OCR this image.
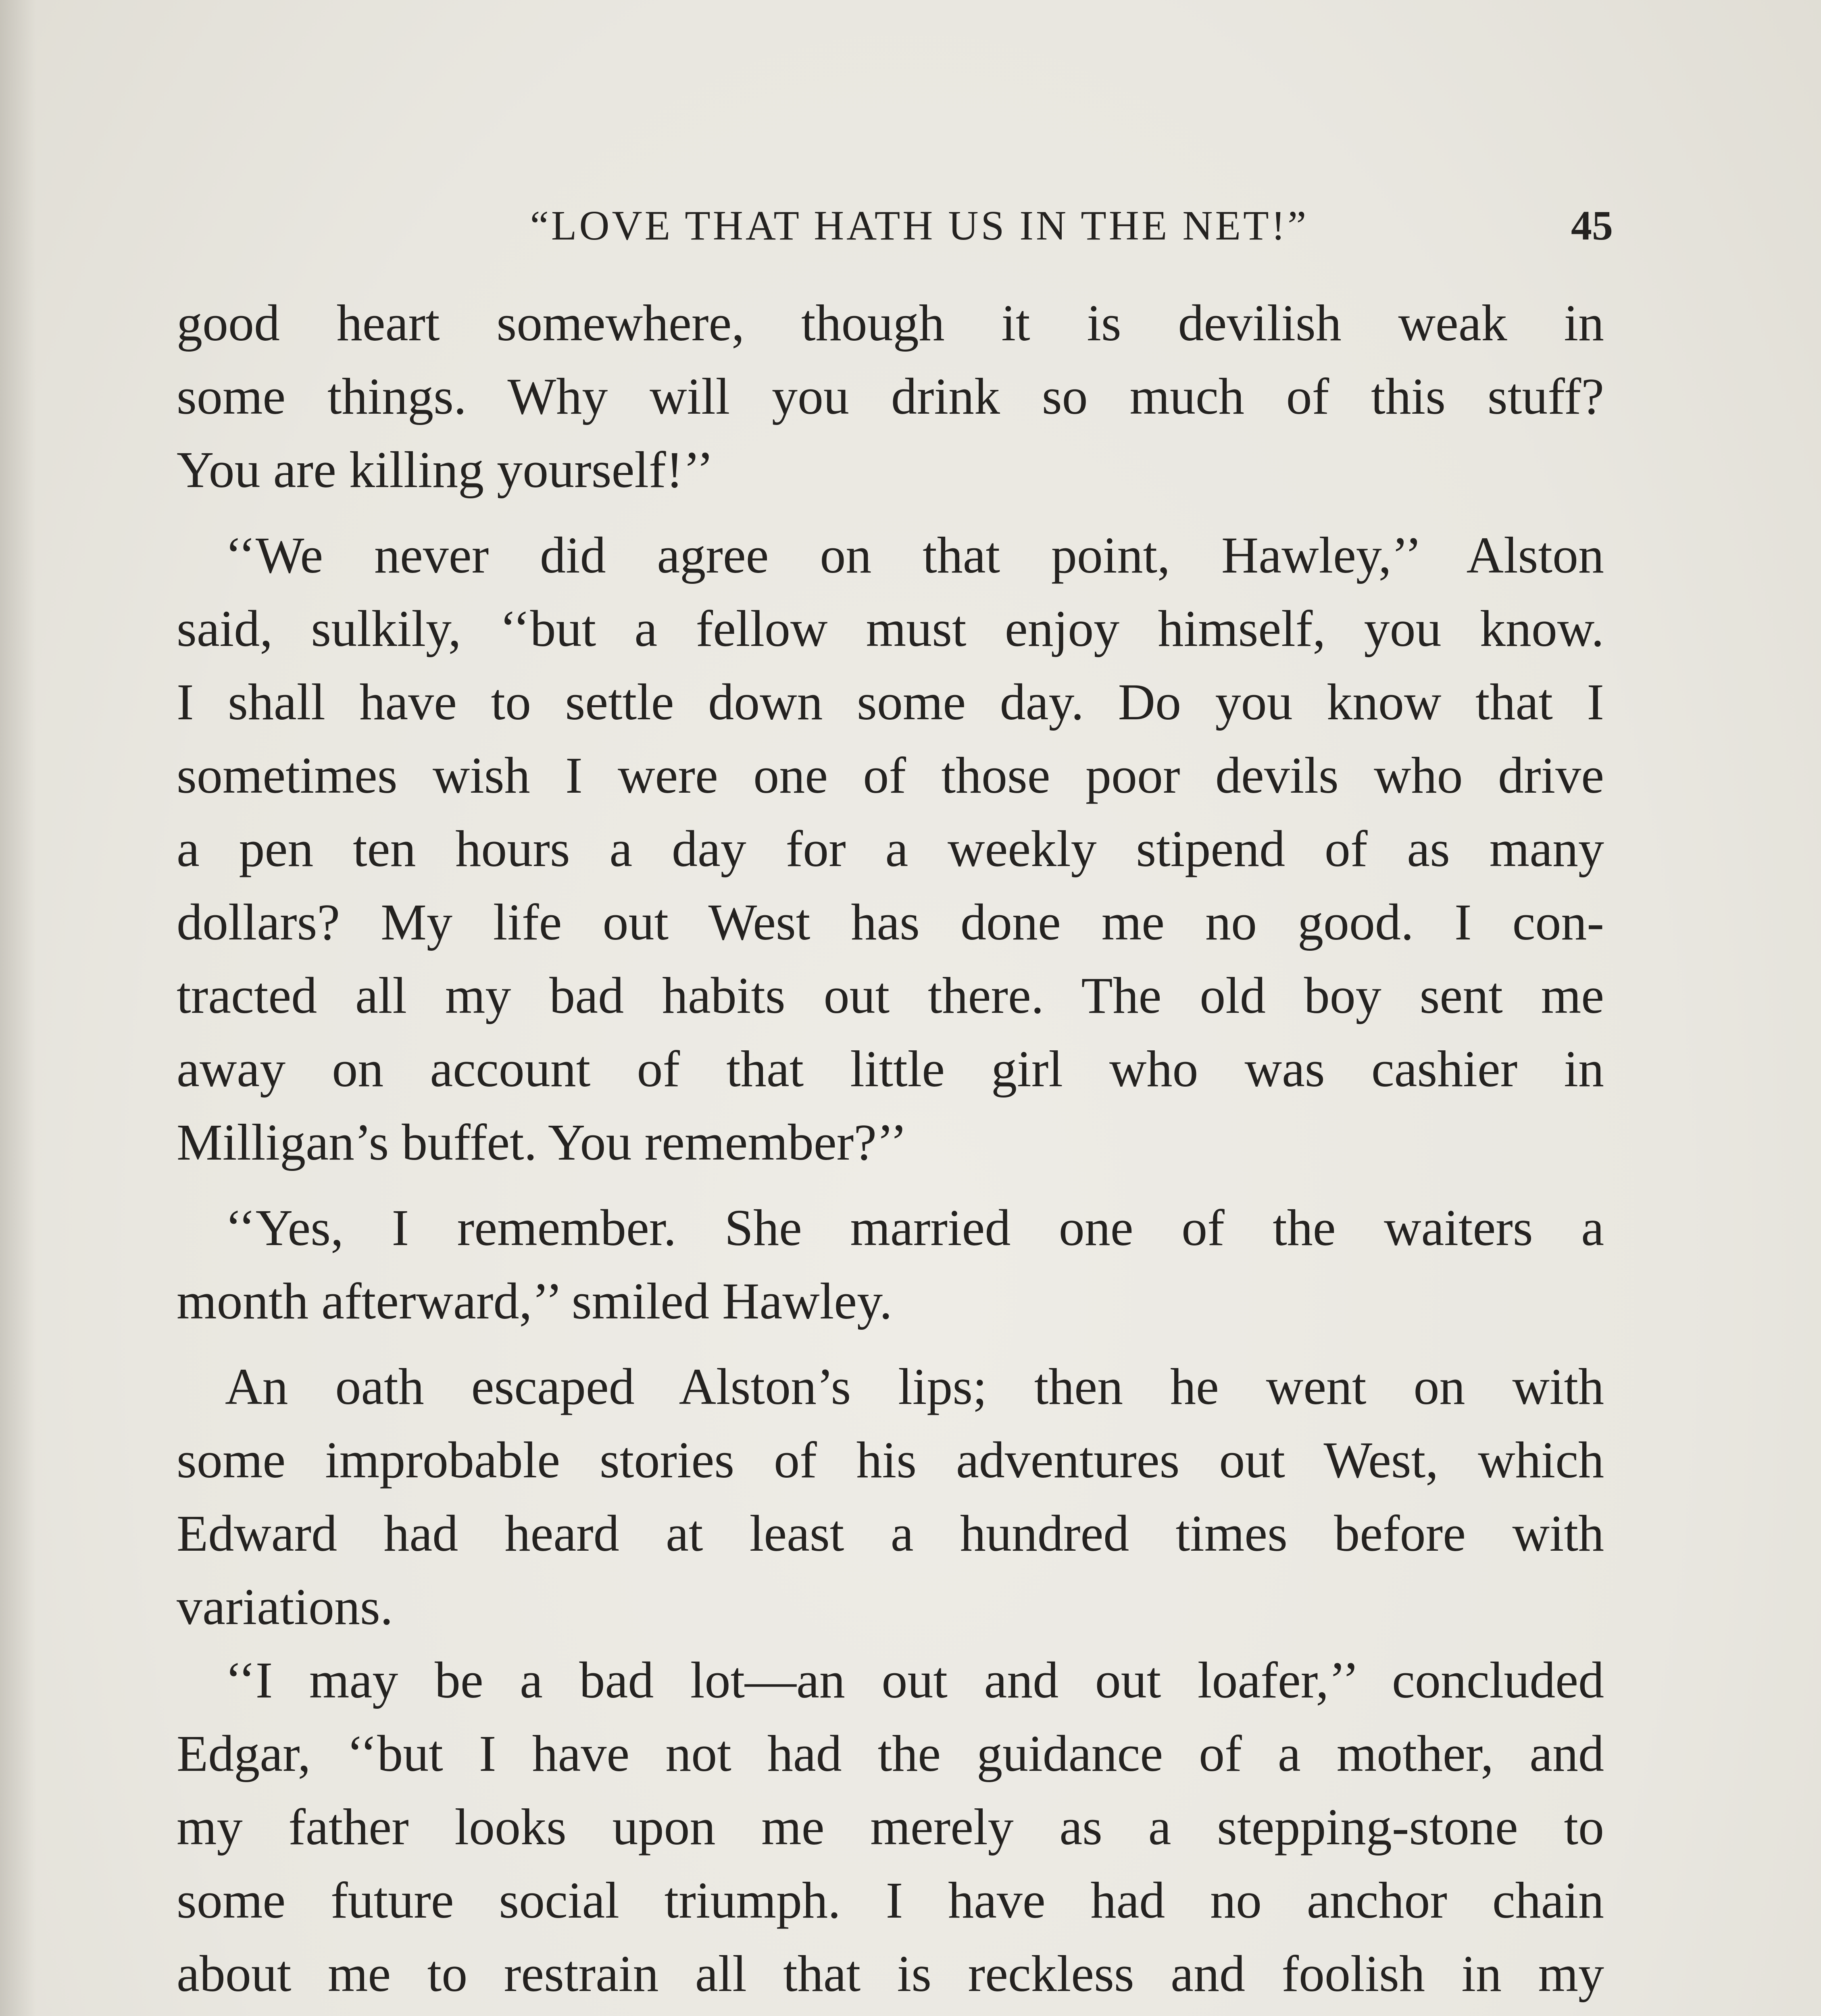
“LOVE THAT HATH US IN THE NET!”	45

good heart somewhere, though it is devilish weak in
some things. Why will you drink so much of this stuff?
You are killing yourself!’’

‘‘We never did agree on that point, Hawley,’’ Alston
said, sulkily, ‘‘but a fellow must enjoy himself, you know.
I shall have to settle down some day. Do you know that I
sometimes wish I were one of those poor devils who drive
a pen ten hours a day for a weekly stipend of as many
dollars? My life out West has done me no good. I con-
tracted all my bad habits out there. The old boy sent me
away on account of that little girl who was cashier in
Milligan’s buffet. You remember?’’

‘‘Yes, I remember. She married one of the waiters a
month afterward,’’ smiled Hawley.

An oath escaped Alston’s lips; then he went on with
some improbable stories of his adventures out West, which
Edward had heard at least a hundred times before with
variations.

‘‘I may be a bad lot—an out and out loafer,’’ concluded
Edgar, ‘‘but I have not had the guidance of a mother, and
my father looks upon me merely as a stepping-stone to
some future social triumph. I have had no anchor chain
about me to restrain all that is reckless and foolish in my
